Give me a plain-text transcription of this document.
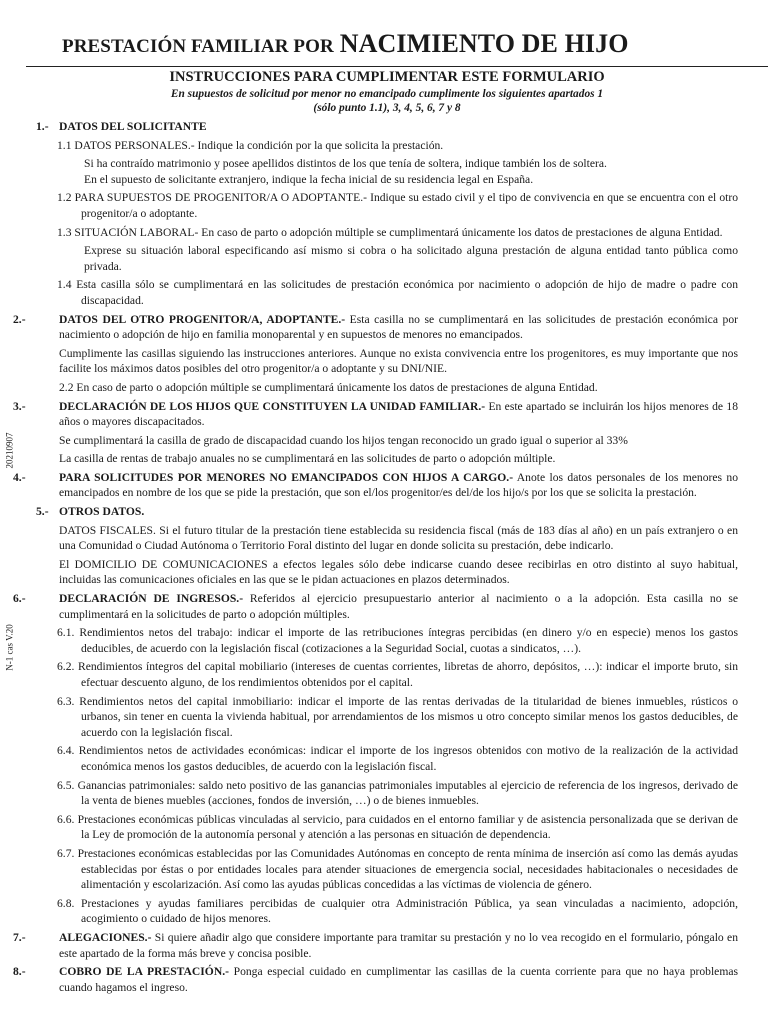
PRESTACIÓN FAMILIAR POR NACIMIENTO DE HIJO
20210907
N-1 cas V.20
INSTRUCCIONES PARA CUMPLIMENTAR ESTE FORMULARIO
En supuestos de solicitud por menor no emancipado cumplimente los siguientes apartados 1
(sólo punto 1.1), 3, 4, 5, 6, 7 y 8

1.- DATOS DEL SOLICITANTE

1.1 DATOS PERSONALES.- Indique la condición por la que solicita la prestación.

Si ha contraído matrimonio y posee apellidos distintos de los que tenía de soltera, indique también los de soltera.

En el supuesto de solicitante extranjero, indique la fecha inicial de su residencia legal en España.

1.2 PARA SUPUESTOS DE PROGENITOR/A O ADOPTANTE.- Indique su estado civil y el tipo de convivencia en que se encuentra con el otro progenitor/a o adoptante.

1.3 SITUACIÓN LABORAL- En caso de parto o adopción múltiple se cumplimentará únicamente los datos de prestaciones de alguna Entidad.

Exprese su situación laboral especificando así mismo si cobra o ha solicitado alguna prestación de alguna entidad tanto pública como privada.

1.4 Esta casilla sólo se cumplimentará en las solicitudes de prestación económica por nacimiento o adopción de hijo de madre o padre con discapacidad.

2.-	DATOS DEL OTRO PROGENITOR/A, ADOPTANTE.- Esta casilla no se cumplimentará en las solicitudes de prestación económica por nacimiento o adopción de hijo en familia monoparental y en supuestos de menores no emancipados.

Cumplimente las casillas siguiendo las instrucciones anteriores. Aunque no exista convivencia entre los progenitores, es muy importante que nos facilite los máximos datos posibles del otro progenitor/a o adoptante y su DNI/NIE.

2.2 En caso de parto o adopción múltiple se cumplimentará únicamente los datos de prestaciones de alguna Entidad.

3.-	DECLARACIÓN DE LOS HIJOS QUE CONSTITUYEN LA UNIDAD FAMILIAR.- En este apartado se incluirán los hijos menores de 18 años o mayores discapacitados.

Se cumplimentará la casilla de grado de discapacidad cuando los hijos tengan reconocido un grado igual o superior al 33%

La casilla de rentas de trabajo anuales no se cumplimentará en las solicitudes de parto o adopción múltiple.

4.-	PARA SOLICITUDES POR MENORES NO EMANCIPADOS CON HIJOS A CARGO.- Anote los datos personales de los menores no emancipados en nombre de los que se pide la prestación, que son el/los progenitor/es del/de los hijo/s por los que se solicita la prestación.

5.- OTROS DATOS.

DATOS FISCALES. Si el futuro titular de la prestación tiene establecida su residencia fiscal (más de 183 días al año) en un país extranjero o en una Comunidad o Ciudad Autónoma o Territorio Foral distinto del lugar en donde solicita su prestación, debe indicarlo.

El DOMICILIO DE COMUNICACIONES a efectos legales sólo debe indicarse cuando desee recibirlas en otro distinto al suyo habitual, incluidas las comunicaciones oficiales en las que se le pidan actuaciones en plazos determinados.

6.-	DECLARACIÓN DE INGRESOS.- Referidos al ejercicio presupuestario anterior al nacimiento o a la adopción. Esta casilla no se cumplimentará en la solicitudes de parto o adopción múltiples.

6.1. Rendimientos netos del trabajo: indicar el importe de las retribuciones íntegras percibidas (en dinero y/o en especie) menos los gastos deducibles, de acuerdo con la legislación fiscal (cotizaciones a la Seguridad Social, cuotas a sindicatos, …).

6.2. Rendimientos íntegros del capital mobiliario (intereses de cuentas corrientes, libretas de ahorro, depósitos, …): indicar el importe bruto, sin efectuar descuento alguno, de los rendimientos obtenidos por el capital.

6.3. Rendimientos netos del capital inmobiliario: indicar el importe de las rentas derivadas de la titularidad de bienes inmuebles, rústicos o urbanos, sin tener en cuenta la vivienda habitual, por arrendamientos de los mismos u otro concepto similar menos los gastos deducibles, de acuerdo con la legislación fiscal.

6.4. Rendimientos netos de actividades económicas: indicar el importe de los ingresos obtenidos con motivo de la realización de la actividad económica menos los gastos deducibles, de acuerdo con la legislación fiscal.

6.5. Ganancias patrimoniales: saldo neto positivo de las ganancias patrimoniales imputables al ejercicio de referencia de los ingresos, derivado de la venta de bienes muebles (acciones, fondos de inversión, …) o de bienes inmuebles.

6.6. Prestaciones económicas públicas vinculadas al servicio, para cuidados en el entorno familiar y de asistencia personalizada que se derivan de la Ley de promoción de la autonomía personal y atención a las personas en situación de dependencia.

6.7. Prestaciones económicas establecidas por las Comunidades Autónomas en concepto de renta mínima de inserción así como las demás ayudas establecidas por éstas o por entidades locales para atender situaciones de emergencia social, necesidades habitacionales o necesidades de alimentación y escolarización. Así como las ayudas públicas concedidas a las víctimas de violencia de género.

6.8. Prestaciones y ayudas familiares percibidas de cualquier otra Administración Pública, ya sean vinculadas a nacimiento, adopción, acogimiento o cuidado de hijos menores.

7.-	ALEGACIONES.- Si quiere añadir algo que considere importante para tramitar su prestación y no lo vea recogido en el formulario, póngalo en este apartado de la forma más breve y concisa posible.

8.-	COBRO DE LA PRESTACIÓN.- Ponga especial cuidado en cumplimentar las casillas de la cuenta corriente para que no haya problemas cuando hagamos el ingreso.
